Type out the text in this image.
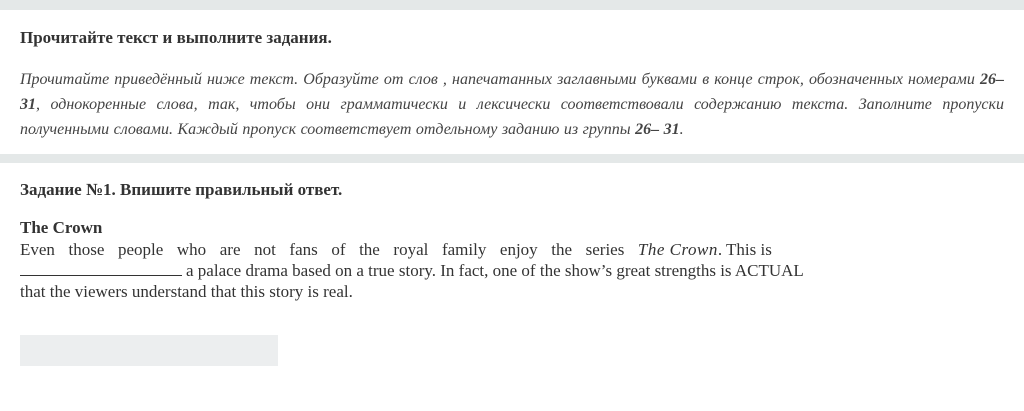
Прочитайте текст и выполните задания.
Прочитайте приведённый ниже текст. Образуйте от слов , напечатанных заглавными буквами в конце строк, обозначенных номерами 26– 31, однокоренные слова, так, чтобы они грамматически и лексически соответствовали содержанию текста. Заполните пропуски полученными словами. Каждый пропуск соответствует отдельному заданию из группы 26– 31.
Задание №1. Впишите правильный ответ.
The Crown
Even those people who are not fans of the royal family enjoy the series The Crown. This is
a palace drama based on a true story. In fact, one of the show’s great strengths is ACTUAL
that the viewers understand that this story is real.
